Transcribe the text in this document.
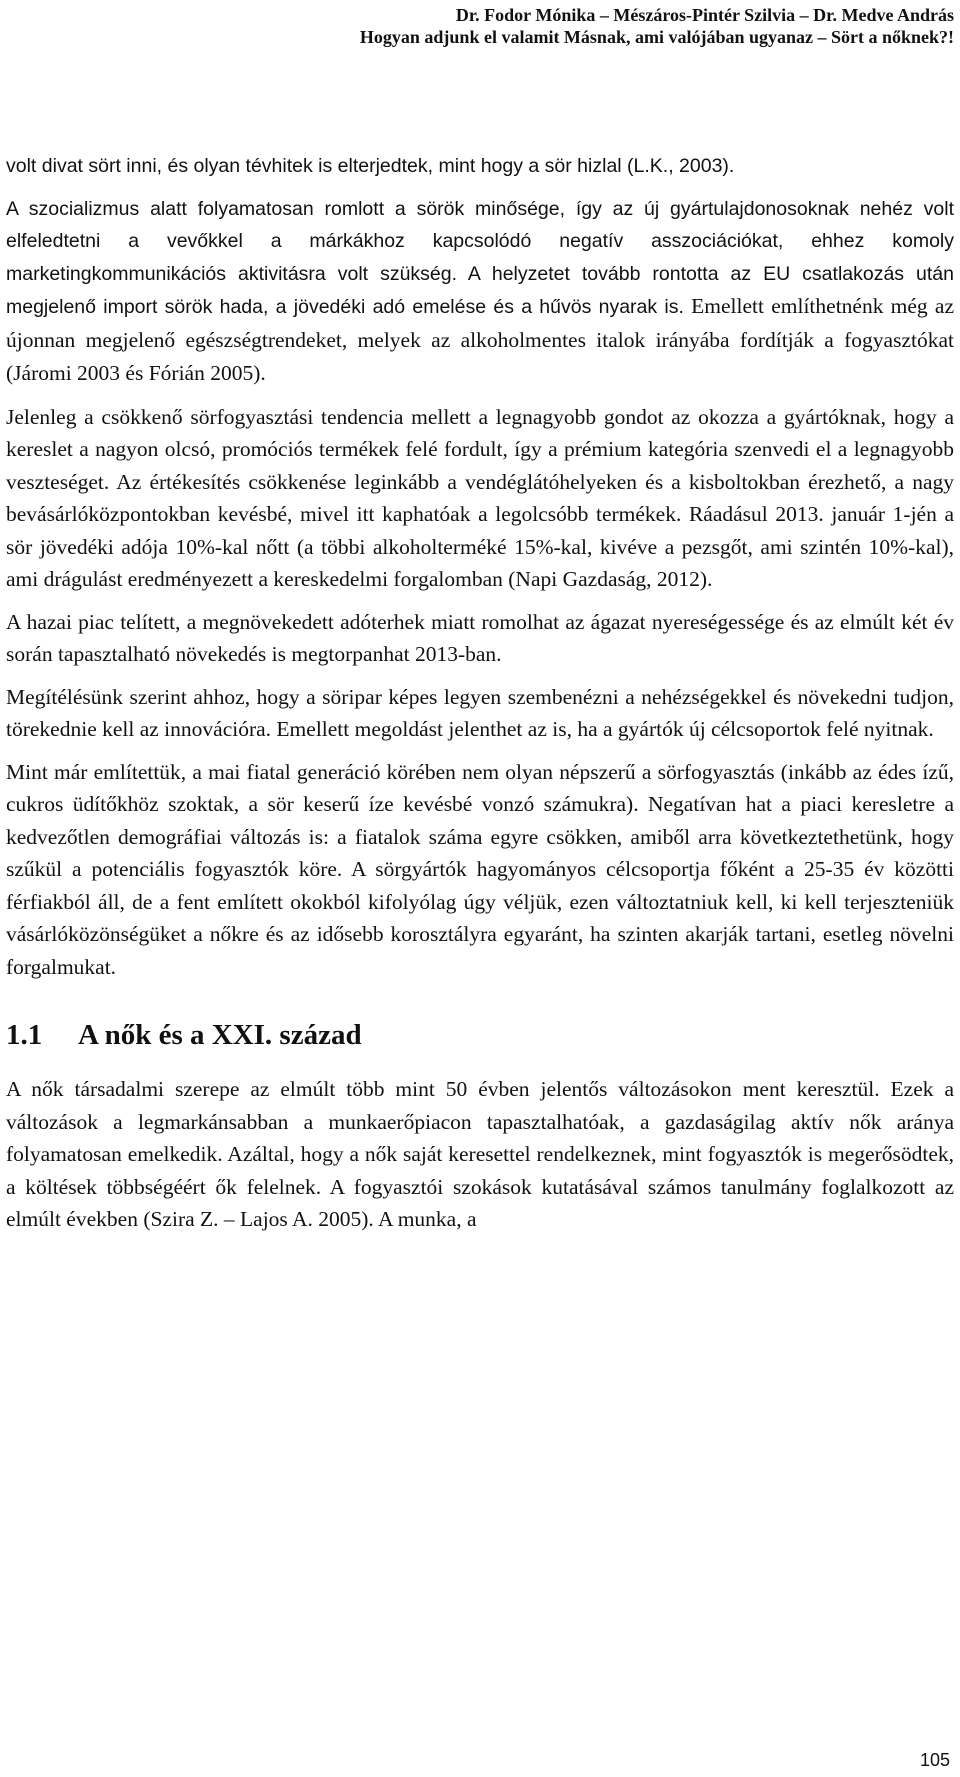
Dr. Fodor Mónika – Mészáros-Pintér Szilvia – Dr. Medve András
Hogyan adjunk el valamit Másnak, ami valójában ugyanaz – Sört a nőknek?!

volt divat sört inni, és olyan tévhitek is elterjedtek, mint hogy a sör hizlal (L.K., 2003).

A szocializmus alatt folyamatosan romlott a sörök minősége, így az új gyártulajdonosoknak nehéz volt elfeledtetni a vevőkkel a márkákhoz kapcsolódó negatív asszociációkat, ehhez komoly marketingkommunikációs aktivitásra volt szükség. A helyzetet tovább rontotta az EU csatlakozás után megjelenő import sörök hada, a jövedéki adó emelése és a hűvös nyarak is. Emellett említhetnénk még az újonnan megjelenő egészségtrendeket, melyek az alkoholmentes italok irányába fordítják a fogyasztókat (Járomi 2003 és Fórián 2005).

Jelenleg a csökkenő sörfogyasztási tendencia mellett a legnagyobb gondot az okozza a gyártóknak, hogy a kereslet a nagyon olcsó, promóciós termékek felé fordult, így a prémium kategória szenvedi el a legnagyobb veszteséget. Az értékesítés csökkenése leginkább a vendéglátóhelyeken és a kisboltokban érezhető, a nagy bevásárlóközpontokban kevésbé, mivel itt kaphatóak a legolcsóbb termékek. Ráadásul 2013. január 1-jén a sör jövedéki adója 10%-kal nőtt (a többi alkoholterméké 15%-kal, kivéve a pezsgőt, ami szintén 10%-kal), ami drágulást eredményezett a kereskedelmi forgalomban (Napi Gazdaság, 2012).

A hazai piac telített, a megnövekedett adóterhek miatt romolhat az ágazat nyereségessége és az elmúlt két év során tapasztalható növekedés is megtorpanhat 2013-ban.

Megítélésünk szerint ahhoz, hogy a söripar képes legyen szembenézni a nehézségekkel és növekedni tudjon, törekednie kell az innovációra. Emellett megoldást jelenthet az is, ha a gyártók új célcsoportok felé nyitnak.

Mint már említettük, a mai fiatal generáció körében nem olyan népszerű a sörfogyasztás (inkább az édes ízű, cukros üdítőkhöz szoktak, a sör keserű íze kevésbé vonzó számukra). Negatívan hat a piaci keresletre a kedvezőtlen demográfiai változás is: a fiatalok száma egyre csökken, amiből arra következtethetünk, hogy szűkül a potenciális fogyasztók köre. A sörgyártók hagyományos célcsoportja főként a 25-35 év közötti férfiakból áll, de a fent említett okokból kifolyólag úgy véljük, ezen változtatniuk kell, ki kell terjeszteniük vásárlóközönségüket a nőkre és az idősebb korosztályra egyaránt, ha szinten akarják tartani, esetleg növelni forgalmukat.

1.1 A nők és a XXI. század

A nők társadalmi szerepe az elmúlt több mint 50 évben jelentős változásokon ment keresztül. Ezek a változások a legmarkánsabban a munkaerőpiacon tapasztalhatóak, a gazdaságilag aktív nők aránya folyamatosan emelkedik. Azáltal, hogy a nők saját keresettel rendelkeznek, mint fogyasztók is megerősödtek, a költések többségéért ők felelnek. A fogyasztói szokások kutatásával számos tanulmány foglalkozott az elmúlt években (Szira Z. – Lajos A. 2005). A munka, a

105
